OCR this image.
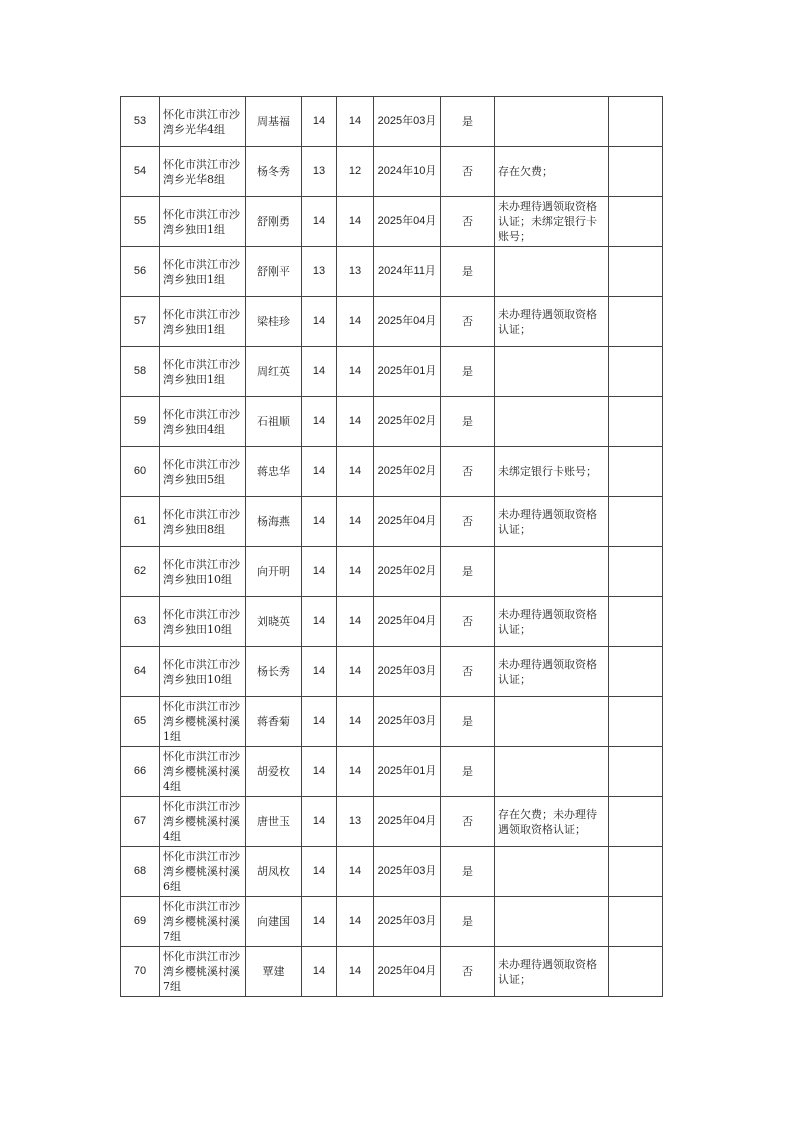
53	怀化市洪江市沙湾乡光华4组	周基福	14	14	2025年03月	是		
54	怀化市洪江市沙湾乡光华8组	杨冬秀	13	12	2024年10月	否	存在欠费；	
55	怀化市洪江市沙湾乡独田1组	舒刚勇	14	14	2025年04月	否	未办理待遇领取资格认证；未绑定银行卡账号；	
56	怀化市洪江市沙湾乡独田1组	舒刚平	13	13	2024年11月	是		
57	怀化市洪江市沙湾乡独田1组	梁桂珍	14	14	2025年04月	否	未办理待遇领取资格认证；	
58	怀化市洪江市沙湾乡独田1组	周红英	14	14	2025年01月	是		
59	怀化市洪江市沙湾乡独田4组	石祖顺	14	14	2025年02月	是		
60	怀化市洪江市沙湾乡独田5组	蒋忠华	14	14	2025年02月	否	未绑定银行卡账号；	
61	怀化市洪江市沙湾乡独田8组	杨海燕	14	14	2025年04月	否	未办理待遇领取资格认证；	
62	怀化市洪江市沙湾乡独田10组	向开明	14	14	2025年02月	是		
63	怀化市洪江市沙湾乡独田10组	刘晓英	14	14	2025年04月	否	未办理待遇领取资格认证；	
64	怀化市洪江市沙湾乡独田10组	杨长秀	14	14	2025年03月	否	未办理待遇领取资格认证；	
65	怀化市洪江市沙湾乡樱桃溪村溪1组	蒋香菊	14	14	2025年03月	是		
66	怀化市洪江市沙湾乡樱桃溪村溪4组	胡爱枚	14	14	2025年01月	是		
67	怀化市洪江市沙湾乡樱桃溪村溪4组	唐世玉	14	13	2025年04月	否	存在欠费；未办理待遇领取资格认证；	
68	怀化市洪江市沙湾乡樱桃溪村溪6组	胡凤枚	14	14	2025年03月	是		
69	怀化市洪江市沙湾乡樱桃溪村溪7组	向建国	14	14	2025年03月	是		
70	怀化市洪江市沙湾乡樱桃溪村溪7组	覃建	14	14	2025年04月	否	未办理待遇领取资格认证；	
